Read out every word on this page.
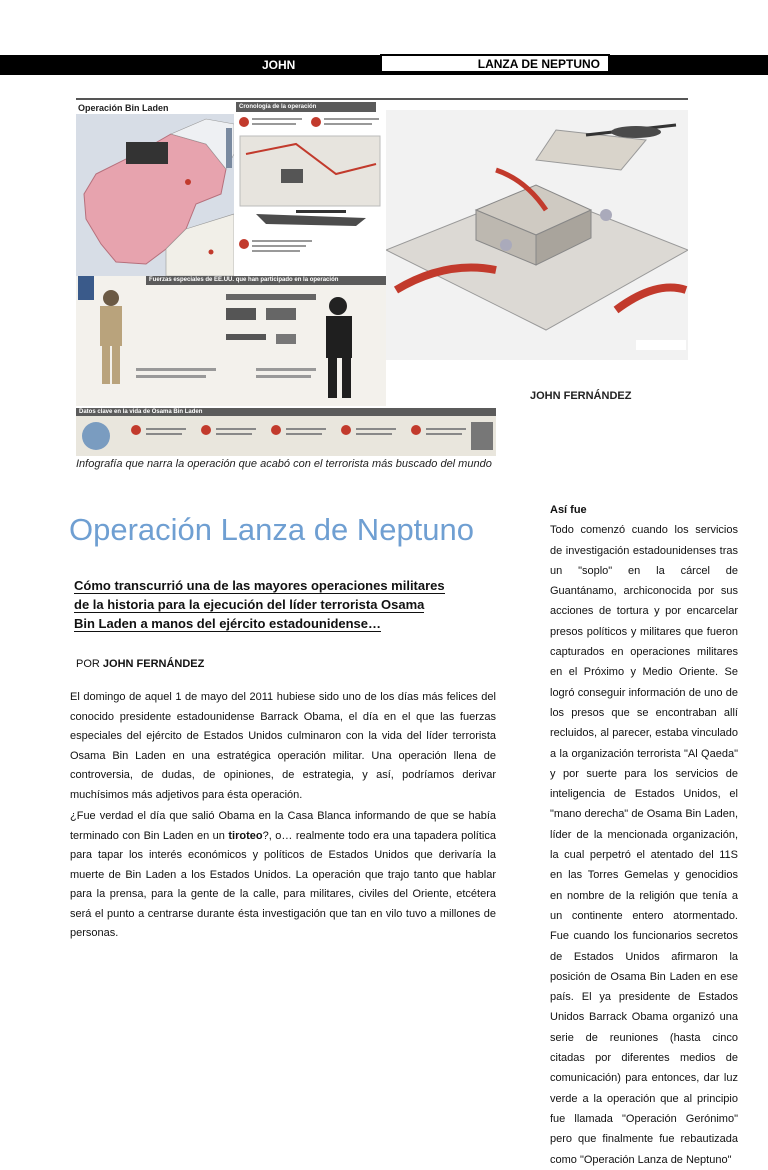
JOHN FERNÁNDEZ
LANZA DE NEPTUNO
Operación Bin Laden	Cronología de la operación
Fuerzas especiales de EE.UU. que han participado en la operación
Datos clave en la vida de Osama Bin Laden
JOHN FERNÁNDEZ
Infografía que narra la operación que acabó con el terrorista más buscado del mundo
Operación Lanza de Neptuno
Cómo transcurrió una de las mayores operaciones militares
de la historia para la ejecución del líder terrorista Osama
Bin Laden a manos del ejército estadounidense…
POR JOHN FERNÁNDEZ
El domingo de aquel 1 de mayo del 2011 hubiese sido uno de los días más felices del conocido presidente estadounidense Barrack Obama, el día en el que las fuerzas especiales del ejército de Estados Unidos culminaron con la vida del líder terrorista Osama Bin Laden en una estratégica operación militar. Una operación llena de controversia, de dudas, de opiniones, de estrategia, y así, podríamos derivar muchísimos más adjetivos para ésta operación.
¿Fue verdad el día que salió Obama en la Casa Blanca informando de que se había terminado con Bin Laden en un tiroteo?, o… realmente todo era una tapadera política para tapar los interés económicos y políticos de Estados Unidos que derivaría la muerte de Bin Laden a los Estados Unidos. La operación que trajo tanto que hablar para la prensa, para la gente de la calle, para militares, civiles del Oriente, etcétera será el punto a centrarse durante ésta investigación que tan en vilo tuvo a millones de personas.
Así fue
Todo comenzó cuando los servicios de investigación estadounidenses tras un "soplo" en la cárcel de Guantánamo, archiconocida por sus acciones de tortura y por encarcelar presos políticos y militares que fueron capturados en operaciones militares en el Próximo y Medio Oriente. Se logró conseguir información de uno de los presos que se encontraban allí recluidos, al parecer, estaba vinculado a la organización terrorista "Al Qaeda" y por suerte para los servicios de inteligencia de Estados Unidos, el "mano derecha" de Osama Bin Laden, líder de la mencionada organización, la cual perpetró el atentado del 11S en las Torres Gemelas y genocidios en nombre de la religión que tenía a un continente entero atormentado. Fue cuando los funcionarios secretos de Estados Unidos afirmaron la posición de Osama Bin Laden en ese país. El ya presidente de Estados Unidos Barrack Obama organizó una serie de reuniones (hasta cinco citadas por diferentes medios de comunicación) para entonces, dar luz verde a la operación que al principio fue llamada "Operación Gerónimo" pero que finalmente fue rebautizada como "Operación Lanza de Neptuno"
